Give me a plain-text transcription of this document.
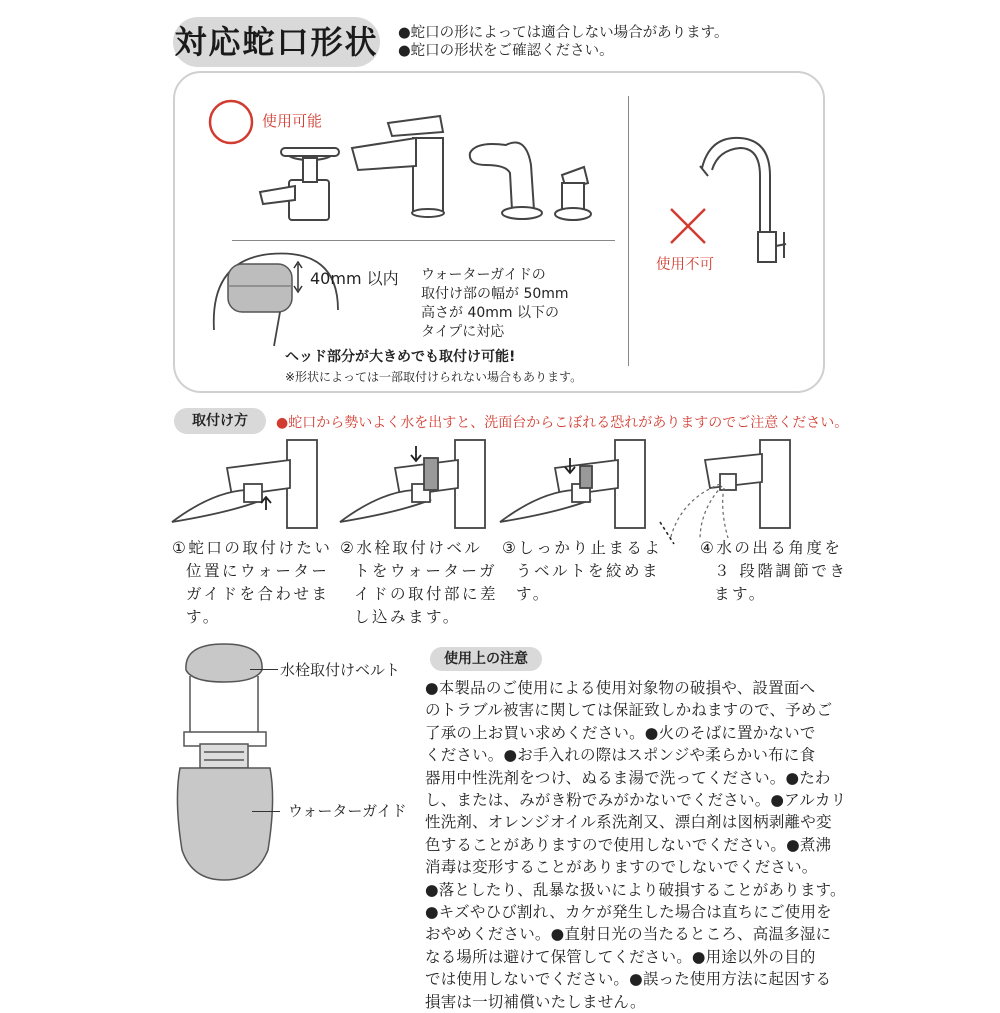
対応蛇口形状 ●蛇口の形によっては適合しない場合があります。
●蛇口の形状をご確認ください。
使用可能
使用不可
40mm 以内 ウォーターガイドの
取付け部の幅が 50mm
高さが 40mm 以下の
タイプに対応
ヘッド部分が大きめでも取付け可能!
※形状によっては一部取付けられない場合もあります。
取付け方	●蛇口から勢いよく水を出すと、洗面台からこぼれる恐れがありますのでご注意ください。
①蛇口の取付けたい
位置にウォーター
ガイドを合わせま
す。
②水栓取付けベル
トをウォーターガ
イドの取付部に差
し込みます。
③しっかり止まるよ
うベルトを絞めま
す。
④水の出る角度を
３ 段階調節でき
ます。
水栓取付けベルト
ウォーターガイド
使用上の注意
●本製品のご使用による使用対象物の破損や、設置面へ
のトラブル被害に関しては保証致しかねますので、予めご
了承の上お買い求めください。●火のそばに置かないで
ください。●お手入れの際はスポンジや柔らかい布に食
器用中性洗剤をつけ、ぬるま湯で洗ってください。●たわ
し、または、みがき粉でみがかないでください。●アルカリ
性洗剤、オレンジオイル系洗剤又、漂白剤は図柄剥離や変
色することがありますので使用しないでください。●煮沸
消毒は変形することがありますのでしないでください。
●落としたり、乱暴な扱いにより破損することがあります。
●キズやひび割れ、カケが発生した場合は直ちにご使用を
おやめください。●直射日光の当たるところ、高温多湿に
なる場所は避けて保管してください。●用途以外の目的
では使用しないでください。●誤った使用方法に起因する
損害は一切補償いたしません。
